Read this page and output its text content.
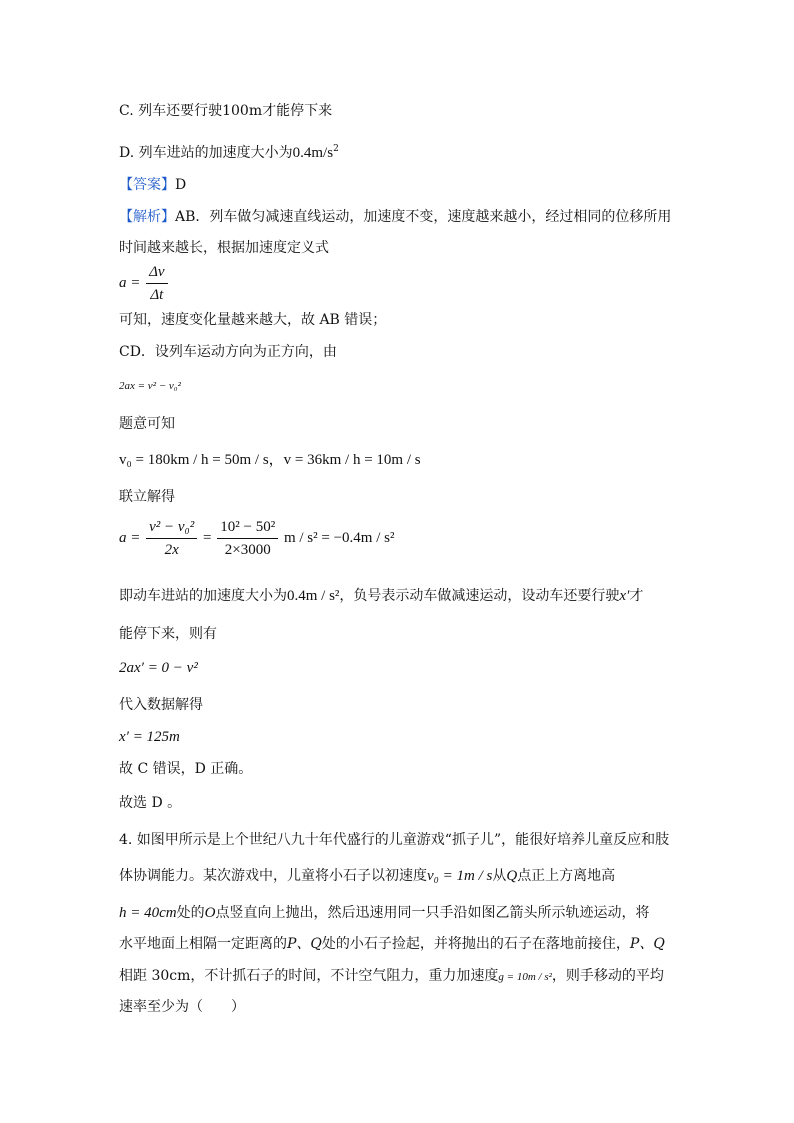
C. 列车还要行驶100m才能停下来
D. 列车进站的加速度大小为$0.4m/s^2$
【答案】D
【解析】AB．列车做匀减速直线运动，加速度不变，速度越来越小，经过相同的位移所用
时间越来越长，根据加速度定义式
$a = \frac{\Delta v}{\Delta t}$
可知，速度变化量越来越大，故 AB 错误；
CD．设列车运动方向为正方向，由
2ax = v² − v₀²
题意可知
v₀ = 180km / h = 50m / s，v = 36km / h = 10m / s
联立解得
$a = \frac{\text{v² − v₀²}}{2x} = \frac{\text{10² − 50²}}{2\times 3000}$ m / s² = −0.4m / s²
即动车进站的加速度大小为0.4m / s²，负号表示动车做减速运动，设动车还要行驶x′才
能停下来，则有
2ax′ = 0 − v²
代入数据解得
x′ = 125m
故 C 错误，D 正确。
故选 D 。
4. 如图甲所示是上个世纪八九十年代盛行的儿童游戏“抓子儿”，能很好培养儿童反应和肢
体协调能力。某次游戏中，儿童将小石子以初速度v₀ = 1m / s从Q点正上方离地高
h = 40cm处的O点竖直向上抛出，然后迅速用同一只手沿如图乙箭头所示轨迹运动，将
水平地面上相隔一定距离的P、Q处的小石子捡起，并将抛出的石子在落地前接住，P、Q
相距 30cm，不计抓石子的时间，不计空气阻力，重力加速度g = 10m / s²，则手移动的平均
速率至少为（　　）
